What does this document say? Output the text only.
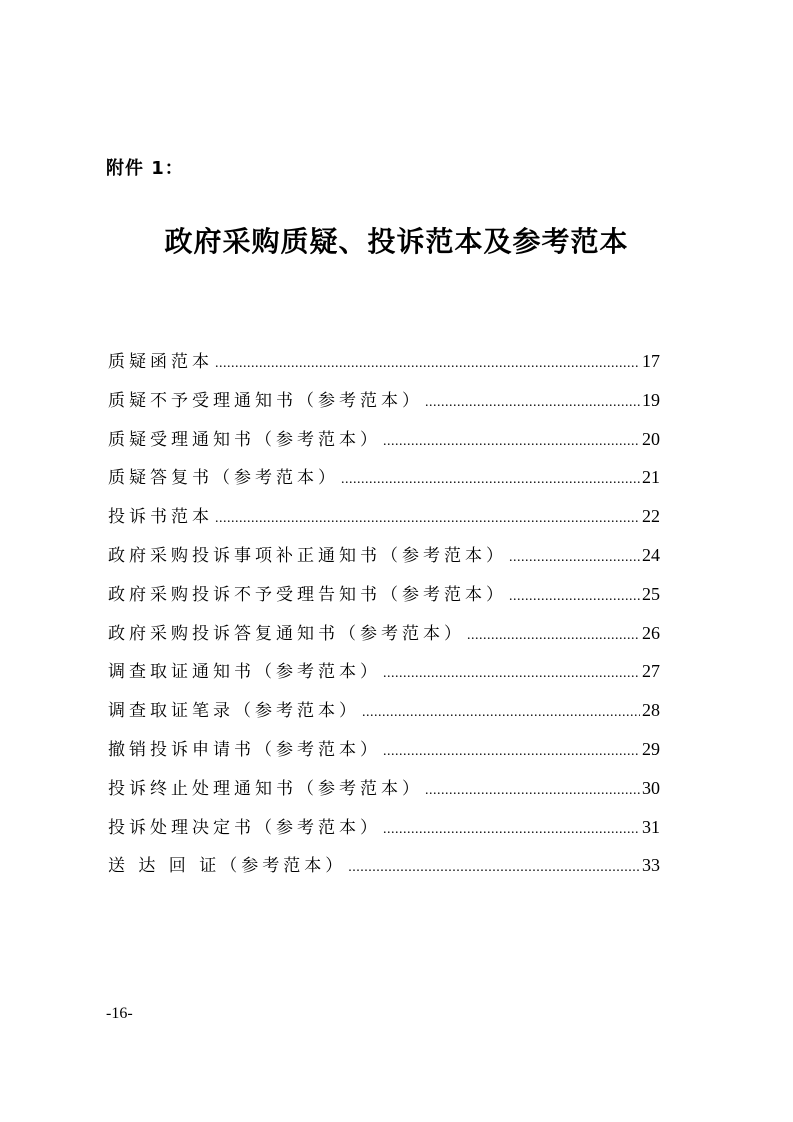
附件 1：
政府采购质疑、投诉范本及参考范本
质疑函范本 .....	17
质疑不予受理通知书（参考范本） .....	19
质疑受理通知书（参考范本） .....	20
质疑答复书（参考范本） .....	21
投诉书范本 .....	22
政府采购投诉事项补正通知书（参考范本） .....	24
政府采购投诉不予受理告知书（参考范本） .....	25
政府采购投诉答复通知书（参考范本） .....	26
调查取证通知书（参考范本） .....	27
调查取证笔录（参考范本） .....	28
撤销投诉申请书（参考范本） .....	29
投诉终止处理通知书（参考范本） .....	30
投诉处理决定书（参考范本） .....	31
送 达 回 证（参考范本） .....	33
-16-
